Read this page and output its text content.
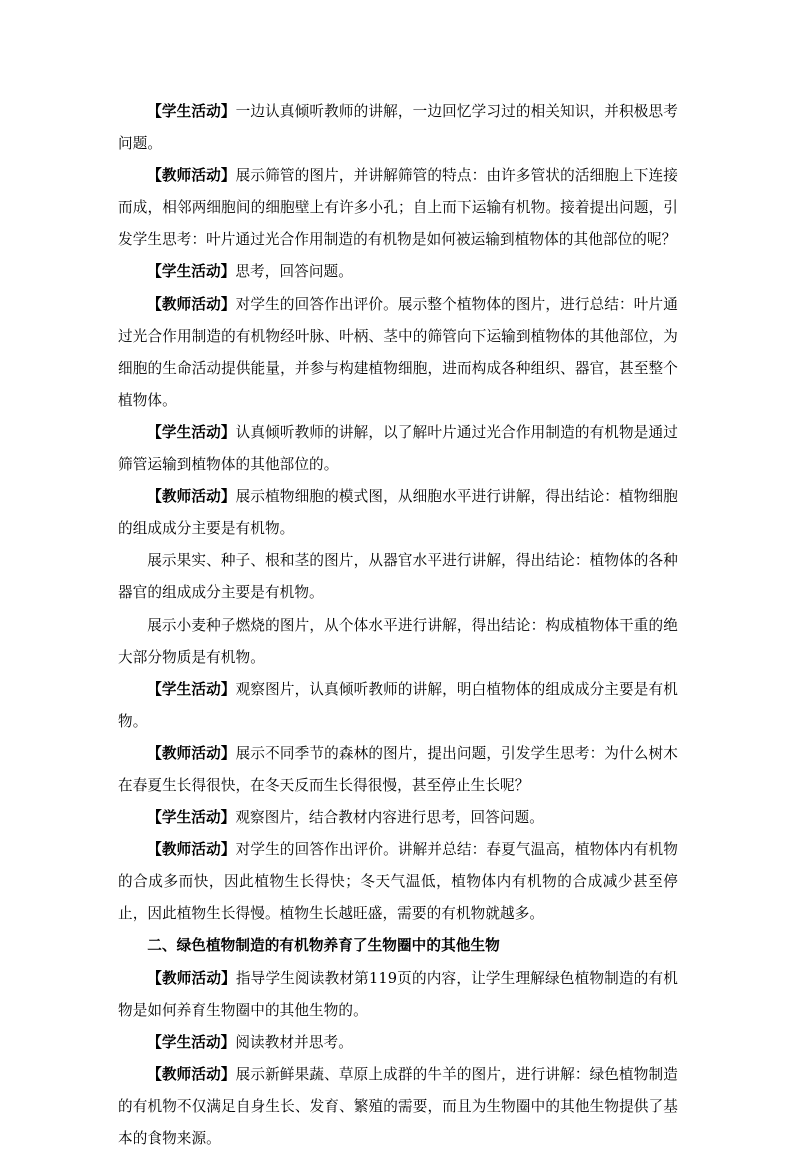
【学生活动】一边认真倾听教师的讲解，一边回忆学习过的相关知识，并积极思考问题。

【教师活动】展示筛管的图片，并讲解筛管的特点：由许多管状的活细胞上下连接而成，相邻两细胞间的细胞壁上有许多小孔；自上而下运输有机物。接着提出问题，引发学生思考：叶片通过光合作用制造的有机物是如何被运输到植物体的其他部位的呢？

【学生活动】思考，回答问题。

【教师活动】对学生的回答作出评价。展示整个植物体的图片，进行总结：叶片通过光合作用制造的有机物经叶脉、叶柄、茎中的筛管向下运输到植物体的其他部位，为细胞的生命活动提供能量，并参与构建植物细胞，进而构成各种组织、器官，甚至整个植物体。

【学生活动】认真倾听教师的讲解，以了解叶片通过光合作用制造的有机物是通过筛管运输到植物体的其他部位的。

【教师活动】展示植物细胞的模式图，从细胞水平进行讲解，得出结论：植物细胞的组成成分主要是有机物。

展示果实、种子、根和茎的图片，从器官水平进行讲解，得出结论：植物体的各种器官的组成成分主要是有机物。

展示小麦种子燃烧的图片，从个体水平进行讲解，得出结论：构成植物体干重的绝大部分物质是有机物。

【学生活动】观察图片，认真倾听教师的讲解，明白植物体的组成成分主要是有机物。

【教师活动】展示不同季节的森林的图片，提出问题，引发学生思考：为什么树木在春夏生长得很快，在冬天反而生长得很慢，甚至停止生长呢？

【学生活动】观察图片，结合教材内容进行思考，回答问题。

【教师活动】对学生的回答作出评价。讲解并总结：春夏气温高，植物体内有机物的合成多而快，因此植物生长得快；冬天气温低，植物体内有机物的合成减少甚至停止，因此植物生长得慢。植物生长越旺盛，需要的有机物就越多。

二、绿色植物制造的有机物养育了生物圈中的其他生物

【教师活动】指导学生阅读教材第119页的内容，让学生理解绿色植物制造的有机物是如何养育生物圈中的其他生物的。

【学生活动】阅读教材并思考。

【教师活动】展示新鲜果蔬、草原上成群的牛羊的图片，进行讲解：绿色植物制造的有机物不仅满足自身生长、发育、繁殖的需要，而且为生物圈中的其他生物提供了基本的食物来源。
